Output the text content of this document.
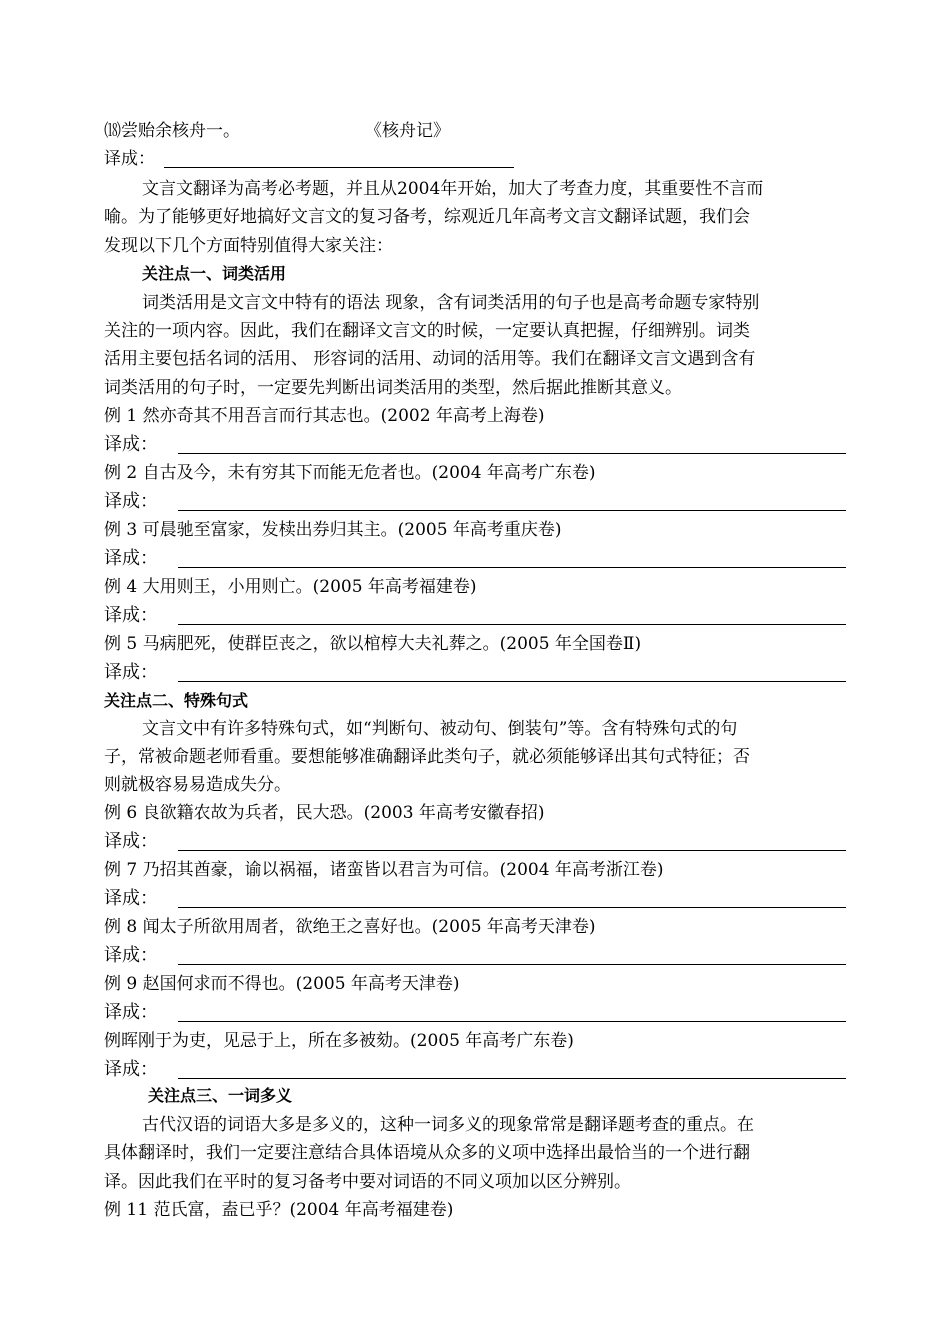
⒅尝贻余核舟一。	《核舟记》
译成：
文言文翻译为高考必考题，并且从2004年开始，加大了考查力度，其重要性不言而
喻。为了能够更好地搞好文言文的复习备考，综观近几年高考文言文翻译试题，我们会
发现以下几个方面特别值得大家关注：
关注点一、词类活用
词类活用是文言文中特有的语法 现象，含有词类活用的句子也是高考命题专家特别
关注的一项内容。因此，我们在翻译文言文的时候，一定要认真把握，仔细辨别。词类
活用主要包括名词的活用、 形容词的活用、动词的活用等。我们在翻译文言文遇到含有
词类活用的句子时，一定要先判断出词类活用的类型，然后据此推断其意义。
例 1 然亦奇其不用吾言而行其志也。(2002 年高考上海卷)
译成：
例 2 自古及今，未有穷其下而能无危者也。(2004 年高考广东卷)
译成：
例 3 可晨驰至富家，发椟出券归其主。(2005 年高考重庆卷)
译成：
例 4 大用则王，小用则亡。(2005 年高考福建卷)
译成：
例 5 马病肥死，使群臣丧之，欲以棺椁大夫礼葬之。(2005 年全国卷Ⅱ)
译成：
关注点二、特殊句式
文言文中有许多特殊句式，如“判断句、被动句、倒装句”等。含有特殊句式的句
子，常被命题老师看重。要想能够准确翻译此类句子，就必须能够译出其句式特征；否
则就极容易易造成失分。
例 6 良欲籍农故为兵者，民大恐。(2003 年高考安徽春招)
译成：
例 7 乃招其酋豪，谕以祸福，诸蛮皆以君言为可信。(2004 年高考浙江卷)
译成：
例 8 闻太子所欲用周者，欲绝王之喜好也。(2005 年高考天津卷)
译成：
例 9 赵国何求而不得也。(2005 年高考天津卷)
译成：
例晖刚于为吏，见忌于上，所在多被劾。(2005 年高考广东卷)
译成：
关注点三、一词多义
古代汉语的词语大多是多义的，这种一词多义的现象常常是翻译题考查的重点。在
具体翻译时，我们一定要注意结合具体语境从众多的义项中选择出最恰当的一个进行翻
译。因此我们在平时的复习备考中要对词语的不同义项加以区分辨别。
例 11 范氏富，盍已乎？(2004 年高考福建卷)
